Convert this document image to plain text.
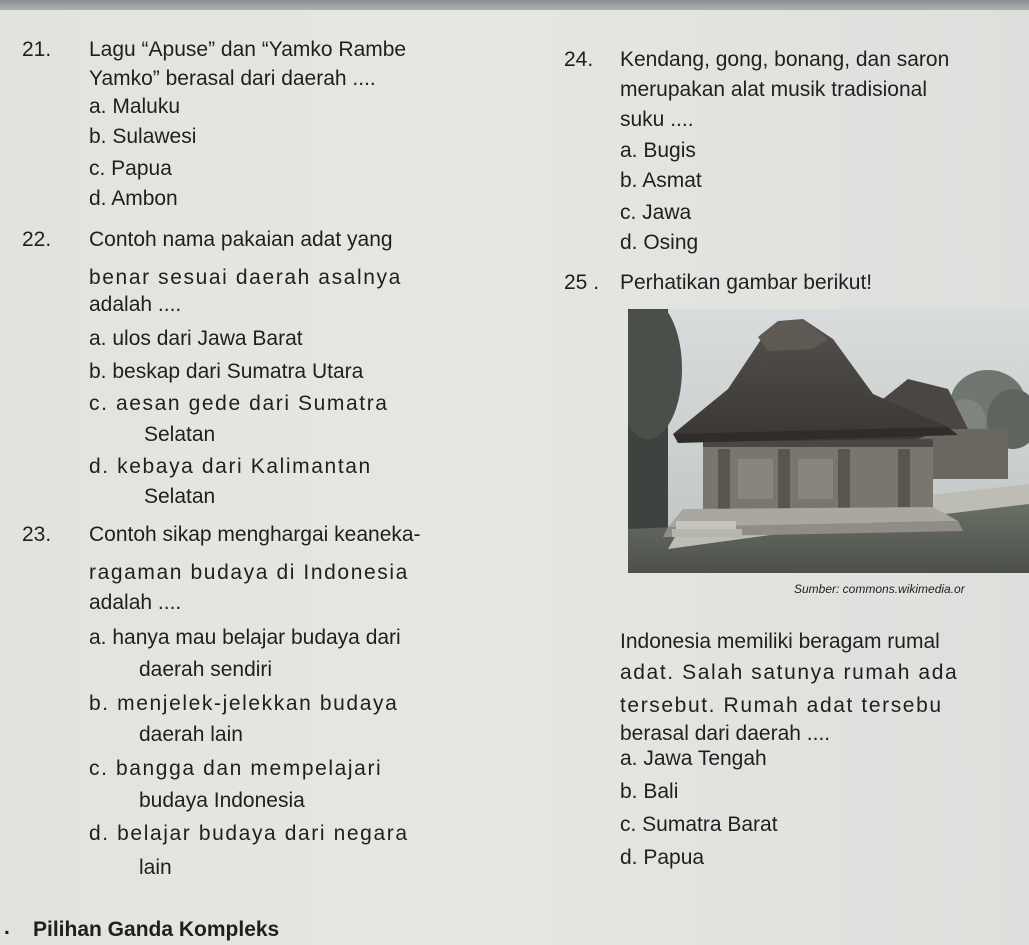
21. Lagu “Apuse” dan “Yamko Rambe
Yamko” berasal dari daerah ....
a. Maluku
b. Sulawesi
c. Papua
d. Ambon
22. Contoh nama pakaian adat yang
benar sesuai daerah asalnya
adalah ....
a. ulos dari Jawa Barat
b. beskap dari Sumatra Utara
c. aesan gede dari Sumatra
Selatan
d. kebaya dari Kalimantan
Selatan
23. Contoh sikap menghargai keaneka-
ragaman budaya di Indonesia
adalah ....
a. hanya mau belajar budaya dari
daerah sendiri
b. menjelek-jelekkan budaya
daerah lain
c. bangga dan mempelajari
budaya Indonesia
d. belajar budaya dari negara
lain
24. Kendang, gong, bonang, dan saron
merupakan alat musik tradisional
suku ....
a. Bugis
b. Asmat
c. Jawa
d. Osing
25 . Perhatikan gambar berikut!
Sumber: commons.wikimedia.or
Indonesia memiliki beragam rumal
adat. Salah satunya rumah ada
tersebut. Rumah adat tersebu
berasal dari daerah ....
a. Jawa Tengah
b. Bali
c. Sumatra Barat
d. Papua
. Pilihan Ganda Kompleks
